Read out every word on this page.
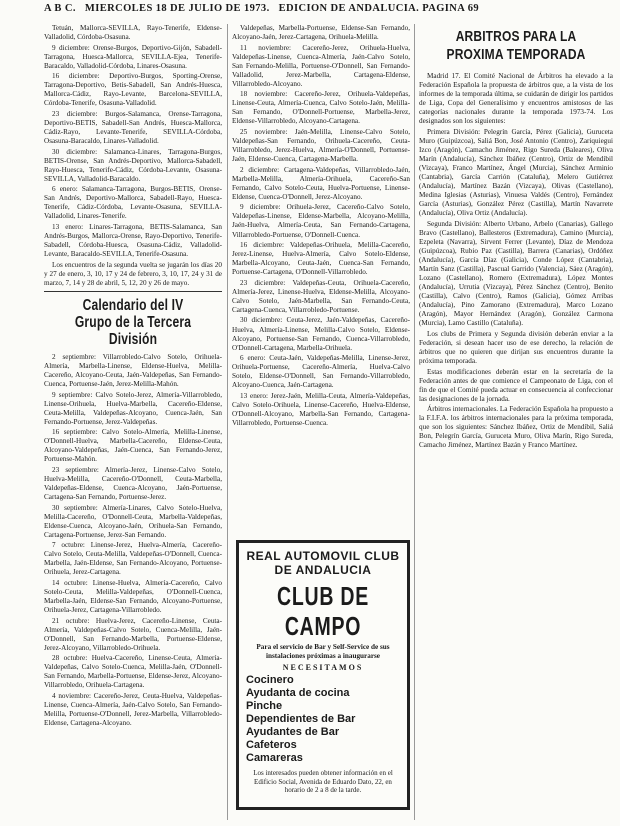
A B C. MIERCOLES 18 DE JULIO DE 1973. EDICION DE ANDALUCIA. PAGINA 69

Tetuán, Mallorca-SEVILLA, Rayo-Tenerife, Eldense-Valladolid, Córdoba-Osasuna.

9 diciembre: Orense-Burgos, Deportivo-Gijón, Sabadell-Tarragona, Huesca-Mallorca, SEVILLA-Ejea, Tenerife-Baracaldo, Valladolid-Córdoba, Linares-Osasuna.

16 diciembre: Deportivo-Burgos, Sporting-Orense, Tarragona-Deportivo, Betis-Sabadell, San Andrés-Huesca, Mallorca-Cádiz, Rayo-Levante, Barcelona-SEVILLA, Córdoba-Tenerife, Osasuna-Valladolid.

23 diciembre: Burgos-Salamanca, Orense-Tarragona, Deportivo-BETIS, Sabadell-San Andrés, Huesca-Mallorca, Cádiz-Rayo, Levante-Tenerife, SEVILLA-Córdoba, Osasuna-Baracaldo, Linares-Valladolid.

30 diciembre: Salamanca-Linares, Tarragona-Burgos, BETIS-Orense, San Andrés-Deportivo, Mallorca-Sabadell, Rayo-Huesca, Tenerife-Cádiz, Córdoba-Levante, Osasuna-SEVILLA, Valladolid-Baracaldo.

6 enero: Salamanca-Tarragona, Burgos-BETIS, Orense-San Andrés, Deportivo-Mallorca, Sabadell-Rayo, Huesca-Tenerife, Cádiz-Córdoba, Levante-Osasuna, SEVILLA-Valladolid, Linares-Tenerife.

13 enero: Linares-Tarragona, BETIS-Salamanca, San Andrés-Burgos, Mallorca-Orense, Rayo-Deportivo, Tenerife-Sabadell, Córdoba-Huesca, Osasuna-Cádiz, Valladolid-Levante, Baracaldo-SEVILLA, Tenerife-Osasuna.

Los encuentros de la segunda vuelta se jugarán los días 20 y 27 de enero, 3, 10, 17 y 24 de febrero, 3, 10, 17, 24 y 31 de marzo, 7, 14 y 28 de abril, 5, 12, 20 y 26 de mayo.

Calendario del IV Grupo de la Tercera División

2 septiembre: Villarrobledo-Calvo Sotelo, Orihuela-Almería, Marbella-Linense, Eldense-Huelva, Melilla-Cacereño, Alcoyano-Ceuta, Jaén-Valdepeñas, San Fernando-Cuenca, Portuense-Jaén, Jerez-Melilla-Mahón.

9 septiembre: Calvo Sotelo-Jerez, Almería-Villarrobledo, Linense-Orihuela, Huelva-Marbella, Cacereño-Eldense, Ceuta-Melilla, Valdepeñas-Alcoyano, Cuenca-Jaén, San Fernando-Portuense, Jerez-Valdepeñas.

16 septiembre: Calvo Sotelo-Almería, Melilla-Linense, O'Donnell-Huelva, Marbella-Cacereño, Eldense-Ceuta, Alcoyano-Valdepeñas, Jaén-Cuenca, San Fernando-Jerez, Portuense-Mahón.

23 septiembre: Almería-Jerez, Linense-Calvo Sotelo, Huelva-Melilla, Cacereño-O'Donnell, Ceuta-Marbella, Valdepeñas-Eldense, Cuenca-Alcoyano, Jaén-Portuense, Cartagena-San Fernando, Portuense-Jerez.

30 septiembre: Almería-Linares, Calvo Sotelo-Huelva, Melilla-Cacereño, O'Donnell-Ceuta, Marbella-Valdepeñas, Eldense-Cuenca, Alcoyano-Jaén, Orihuela-San Fernando, Cartagena-Portuense, Jerez-San Fernando.

7 octubre: Linense-Jerez, Huelva-Almería, Cacereño-Calvo Sotelo, Ceuta-Melilla, Valdepeñas-O'Donnell, Cuenca-Marbella, Jaén-Eldense, San Fernando-Alcoyano, Portuense-Orihuela, Jerez-Cartagena.

14 octubre: Linense-Huelva, Almería-Cacereño, Calvo Sotelo-Ceuta, Melilla-Valdepeñas, O'Donnell-Cuenca, Marbella-Jaén, Eldense-San Fernando, Alcoyano-Portuense, Orihuela-Jerez, Cartagena-Villarrobledo.

21 octubre: Huelva-Jerez, Cacereño-Linense, Ceuta-Almería, Valdepeñas-Calvo Sotelo, Cuenca-Melilla, Jaén-O'Donnell, San Fernando-Marbella, Portuense-Eldense, Jerez-Alcoyano, Villarrobledo-Orihuela.

28 octubre: Huelva-Cacereño, Linense-Ceuta, Almería-Valdepeñas, Calvo Sotelo-Cuenca, Melilla-Jaén, O'Donnell-San Fernando, Marbella-Portuense, Eldense-Jerez, Alcoyano-Villarrobledo, Orihuela-Cartagena.

4 noviembre: Cacereño-Jerez, Ceuta-Huelva, Valdepeñas-Linense, Cuenca-Almería, Jaén-Calvo Sotelo, San Fernando-Melilla, Portuense-O'Donnell, Jerez-Marbella, Villarrobledo-Eldense, Cartagena-Alcoyano.

Valdepeñas, Marbella-Portuense, Eldense-San Fernando, Alcoyano-Jaén, Jerez-Cartagena, Orihuela-Melilla.

11 noviembre: Cacereño-Jerez, Orihuela-Huelva, Valdepeñas-Linense, Cuenca-Almería, Jaén-Calvo Sotelo, San Fernando-Melilla, Portuense-O'Donnell, San Fernando-Valladolid, Jerez-Marbella, Cartagena-Eldense, Villarrobledo-Alcoyano.

18 noviembre: Cacereño-Jerez, Orihuela-Valdepeñas, Linense-Ceuta, Almería-Cuenca, Calvo Sotelo-Jaén, Melilla-San Fernando, O'Donnell-Portuense, Marbella-Jerez, Eldense-Villarrobledo, Alcoyano-Cartagena.

25 noviembre: Jaén-Melilla, Linense-Calvo Sotelo, Valdepeñas-San Fernando, Orihuela-Cacereño, Ceuta-Villarrobledo, Jerez-Huelva, Almería-O'Donnell, Portuense-Jaén, Eldense-Cuenca, Cartagena-Marbella.

2 diciembre: Cartagena-Valdepeñas, Villarrobledo-Jaén, Marbella-Melilla, Almería-Orihuela, Cacereño-San Fernando, Calvo Sotelo-Ceuta, Huelva-Portuense, Linense-Eldense, Cuenca-O'Donnell, Jerez-Alcoyano.

9 diciembre: Orihuela-Jerez, Cacereño-Calvo Sotelo, Valdepeñas-Linense, Eldense-Marbella, Alcoyano-Melilla, Jaén-Huelva, Almería-Ceuta, San Fernando-Cartagena, Villarrobledo-Portuense, O'Donnell-Cuenca.

16 diciembre: Valdepeñas-Orihuela, Melilla-Cacereño, Jerez-Linense, Huelva-Almería, Calvo Sotelo-Eldense, Marbella-Alcoyano, Ceuta-Jaén, Cuenca-San Fernando, Portuense-Cartagena, O'Donnell-Villarrobledo.

23 diciembre: Valdepeñas-Ceuta, Orihuela-Cacereño, Almería-Jerez, Linense-Huelva, Eldense-Melilla, Alcoyano-Calvo Sotelo, Jaén-Marbella, San Fernando-Ceuta, Cartagena-Cuenca, Villarrobledo-Portuense.

30 diciembre: Ceuta-Jerez, Jaén-Valdepeñas, Cacereño-Huelva, Almería-Linense, Melilla-Calvo Sotelo, Eldense-Alcoyano, Portuense-San Fernando, Cuenca-Villarrobledo, O'Donnell-Cartagena, Marbella-Orihuela.

6 enero: Ceuta-Jaén, Valdepeñas-Melilla, Linense-Jerez, Orihuela-Portuense, Cacereño-Almería, Huelva-Calvo Sotelo, Eldense-O'Donnell, San Fernando-Villarrobledo, Alcoyano-Cuenca, Jaén-Cartagena.

13 enero: Jerez-Jaén, Melilla-Ceuta, Almería-Valdepeñas, Calvo Sotelo-Orihuela, Linense-Cacereño, Huelva-Eldense, O'Donnell-Alcoyano, Marbella-San Fernando, Cartagena-Villarrobledo, Portuense-Cuenca.

REAL AUTOMOVIL CLUB DE ANDALUCIA
CLUB DE CAMPO
Para el servicio de Bar y Self-Service de sus instalaciones próximas a inaugurarse
NECESITAMOS
Cocinero
Ayudanta de cocina
Pinche
Dependientes de Bar
Ayudantes de Bar
Cafeteros
Camareras
Los interesados pueden obtener información en el Edificio Social, Avenida de Eduardo Dato, 22, en horario de 2 a 8 de la tarde.
ARBITROS PARA LA PROXIMA TEMPORADA

Madrid 17. El Comité Nacional de Árbitros ha elevado a la Federación Española la propuesta de árbitros que, a la vista de los informes de la temporada última, se cuidarán de dirigir los partidos de Liga, Copa del Generalísimo y encuentros amistosos de las categorías nacionales durante la temporada 1973-74. Los designados son los siguientes:

Primera División: Pelegrín García, Pérez (Galicia), Guruceta Muro (Guipúzcoa), Saliá Bon, José Antonio (Centro), Zariquiegui Izco (Aragón), Camacho Jiménez, Rigo Sureda (Baleares), Oliva Marín (Andalucía), Sánchez Ibáñez (Centro), Ortiz de Mendíbil (Vizcaya), Franco Martínez, Ángel (Murcia), Sánchez Arminio (Cantabria), García Carrión (Cataluña), Melero Gutiérrez (Andalucía), Martínez Bazán (Vizcaya), Olivas (Castellano), Medina Iglesias (Asturias), Vinuesa Valdés (Centro), Fernández García (Asturias), González Pérez (Castilla), Martín Navarrete (Andalucía), Oliva Ortiz (Andalucía).

Segunda División: Alberto Urbano, Arbelo (Canarias), Gallego Bravo (Castellano), Ballesteros (Extremadura), Camino (Murcia), Ezpeleta (Navarra), Sirvent Ferrer (Levante), Díaz de Mendoza (Guipúzcoa), Rubio Paz (Castilla), Barrera (Canarias), Ordóñez (Andalucía), García Díaz (Galicia), Conde López (Cantabria), Martín Sanz (Castilla), Pascual Garrido (Valencia), Sáez (Aragón), Lozano (Castellano), Romero (Extremadura), López Montes (Andalucía), Urrutia (Vizcaya), Pérez Sánchez (Centro), Benito (Castilla), Calvo (Centro), Ramos (Galicia), Gómez Arribas (Andalucía), Pino Zamorano (Extremadura), Marco Lozano (Aragón), Mayor Hernández (Aragón), González Carmona (Murcia), Lamo Castillo (Cataluña).

Los clubs de Primera y Segunda división deberán enviar a la Federación, si desean hacer uso de ese derecho, la relación de árbitros que no quieren que dirijan sus encuentros durante la próxima temporada.

Estas modificaciones deberán estar en la secretaría de la Federación antes de que comience el Campeonato de Liga, con el fin de que el Comité pueda actuar en consecuencia al confeccionar las designaciones de la jornada.

Árbitros internacionales. La Federación Española ha propuesto a la F.I.F.A. los árbitros internacionales para la próxima temporada, que son los siguientes: Sánchez Ibáñez, Ortiz de Mendíbil, Saliá Bon, Pelegrín García, Guruceta Muro, Oliva Marín, Rigo Sureda, Camacho Jiménez, Martínez Bazán y Franco Martínez.
